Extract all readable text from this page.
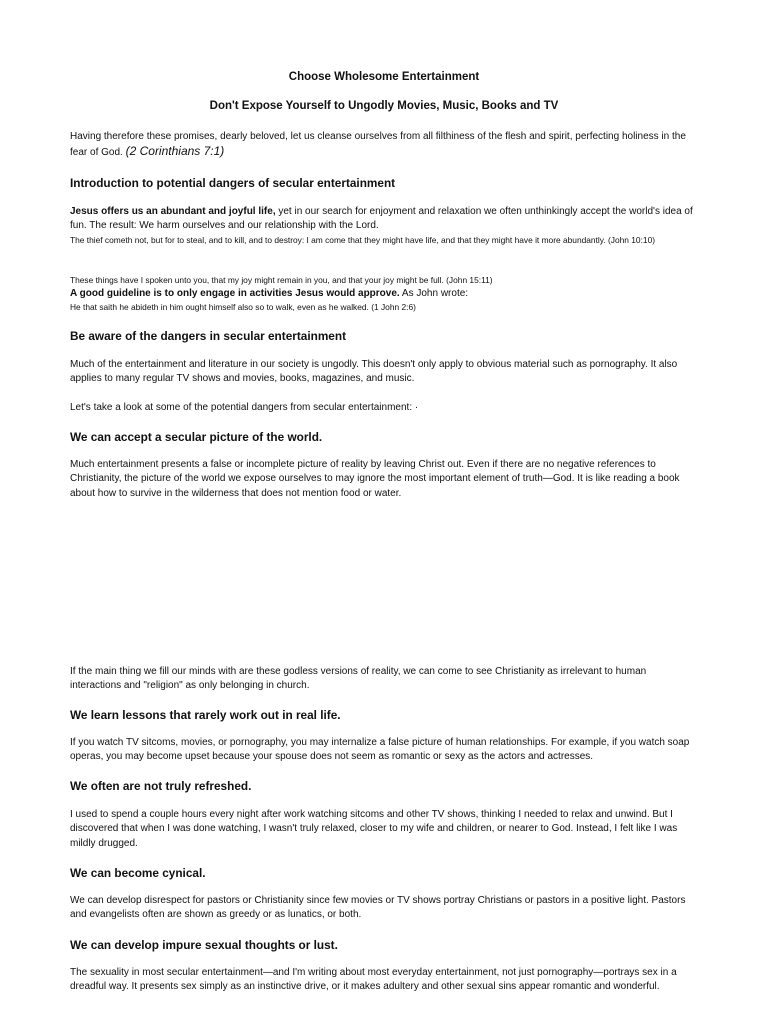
Choose Wholesome Entertainment
Don't Expose Yourself to Ungodly Movies, Music, Books and TV

Having therefore these promises, dearly beloved, let us cleanse ourselves from all filthiness of the flesh and spirit, perfecting holiness in the fear of God. (2 Corinthians 7:1)

Introduction to potential dangers of secular entertainment

Jesus offers us an abundant and joyful life, yet in our search for enjoyment and relaxation we often unthinkingly accept the world's idea of fun. The result: We harm ourselves and our relationship with the Lord.

The thief cometh not, but for to steal, and to kill, and to destroy: I am come that they might have life, and that they might have it more abundantly. (John 10:10)

These things have I spoken unto you, that my joy might remain in you, and that your joy might be full. (John 15:11)

A good guideline is to only engage in activities Jesus would approve. As John wrote:

He that saith he abideth in him ought himself also so to walk, even as he walked. (1 John 2:6)

Be aware of the dangers in secular entertainment

Much of the entertainment and literature in our society is ungodly. This doesn't only apply to obvious material such as pornography. It also applies to many regular TV shows and movies, books, magazines, and music.

Let's take a look at some of the potential dangers from secular entertainment: ·

We can accept a secular picture of the world.

Much entertainment presents a false or incomplete picture of reality by leaving Christ out. Even if there are no negative references to Christianity, the picture of the world we expose ourselves to may ignore the most important element of truth—God. It is like reading a book about how to survive in the wilderness that does not mention food or water.

If the main thing we fill our minds with are these godless versions of reality, we can come to see Christianity as irrelevant to human interactions and "religion" as only belonging in church.

We learn lessons that rarely work out in real life.

If you watch TV sitcoms, movies, or pornography, you may internalize a false picture of human relationships. For example, if you watch soap operas, you may become upset because your spouse does not seem as romantic or sexy as the actors and actresses.

We often are not truly refreshed.

I used to spend a couple hours every night after work watching sitcoms and other TV shows, thinking I needed to relax and unwind. But I discovered that when I was done watching, I wasn't truly relaxed, closer to my wife and children, or nearer to God. Instead, I felt like I was mildly drugged.

We can become cynical.

We can develop disrespect for pastors or Christianity since few movies or TV shows portray Christians or pastors in a positive light. Pastors and evangelists often are shown as greedy or as lunatics, or both.

We can develop impure sexual thoughts or lust.

The sexuality in most secular entertainment—and I'm writing about most everyday entertainment, not just pornography—portrays sex in a dreadful way. It presents sex simply as an instinctive drive, or it makes adultery and other sexual sins appear romantic and wonderful.
